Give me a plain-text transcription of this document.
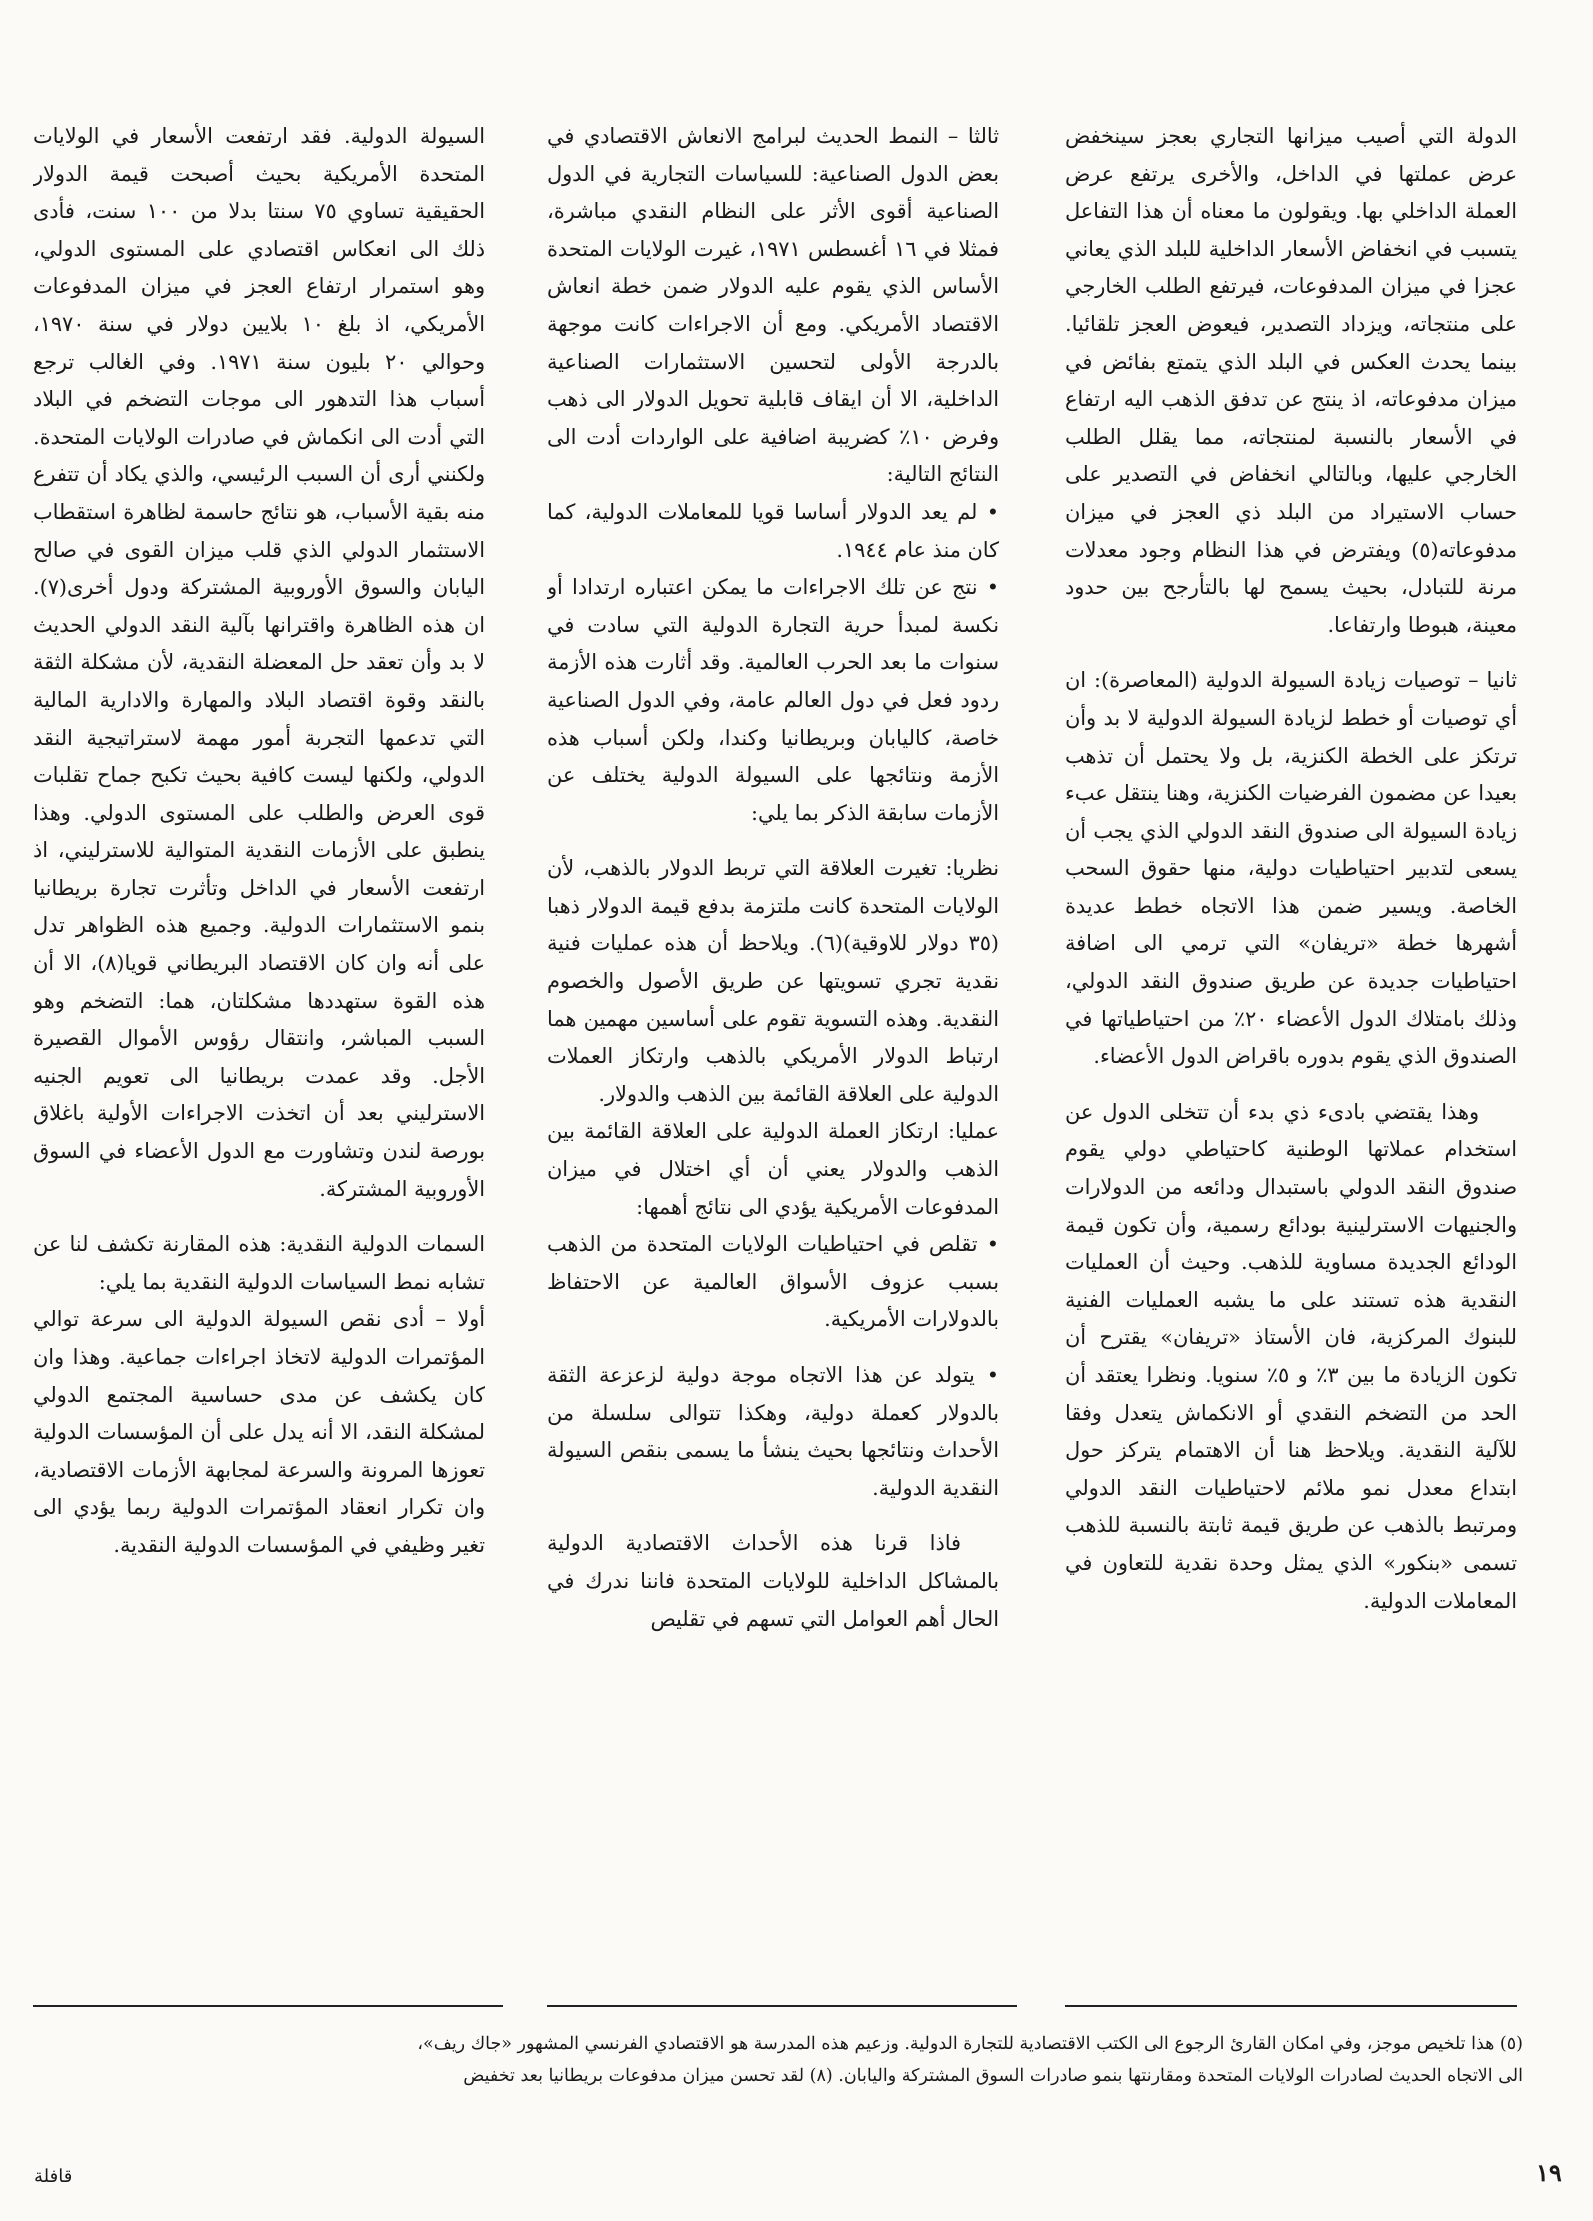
الدولة التي أصيب ميزانها التجاري بعجز سينخفض عرض عملتها في الداخل، والأخرى يرتفع عرض العملة الداخلي بها. ويقولون ما معناه أن هذا التفاعل يتسبب في انخفاض الأسعار الداخلية للبلد الذي يعاني عجزا في ميزان المدفوعات، فيرتفع الطلب الخارجي على منتجاته، ويزداد التصدير، فيعوض العجز تلقائيا. بينما يحدث العكس في البلد الذي يتمتع بفائض في ميزان مدفوعاته، اذ ينتج عن تدفق الذهب اليه ارتفاع في الأسعار بالنسبة لمنتجاته، مما يقلل الطلب الخارجي عليها، وبالتالي انخفاض في التصدير على حساب الاستيراد من البلد ذي العجز في ميزان مدفوعاته(٥) ويفترض في هذا النظام وجود معدلات مرنة للتبادل، بحيث يسمح لها بالتأرجح بين حدود معينة، هبوطا وارتفاعا.

ثانيا – توصيات زيادة السيولة الدولية (المعاصرة): ان أي توصيات أو خطط لزيادة السيولة الدولية لا بد وأن ترتكز على الخطة الكنزية، بل ولا يحتمل أن تذهب بعيدا عن مضمون الفرضيات الكنزية، وهنا ينتقل عبء زيادة السيولة الى صندوق النقد الدولي الذي يجب أن يسعى لتدبير احتياطيات دولية، منها حقوق السحب الخاصة. ويسير ضمن هذا الاتجاه خطط عديدة أشهرها خطة «تريفان» التي ترمي الى اضافة احتياطيات جديدة عن طريق صندوق النقد الدولي، وذلك بامتلاك الدول الأعضاء ٢٠٪ من احتياطياتها في الصندوق الذي يقوم بدوره باقراض الدول الأعضاء.

وهذا يقتضي بادىء ذي بدء أن تتخلى الدول عن استخدام عملاتها الوطنية كاحتياطي دولي يقوم صندوق النقد الدولي باستبدال ودائعه من الدولارات والجنيهات الاسترلينية بودائع رسمية، وأن تكون قيمة الودائع الجديدة مساوية للذهب. وحيث أن العمليات النقدية هذه تستند على ما يشبه العمليات الفنية للبنوك المركزية، فان الأستاذ «تريفان» يقترح أن تكون الزيادة ما بين ٣٪ و ٥٪ سنويا. ونظرا يعتقد أن الحد من التضخم النقدي أو الانكماش يتعدل وفقا للآلية النقدية. ويلاحظ هنا أن الاهتمام يتركز حول ابتداع معدل نمو ملائم لاحتياطيات النقد الدولي ومرتبط بالذهب عن طريق قيمة ثابتة بالنسبة للذهب تسمى «بنكور» الذي يمثل وحدة نقدية للتعاون في المعاملات الدولية.

ثالثا – النمط الحديث لبرامج الانعاش الاقتصادي في بعض الدول الصناعية: للسياسات التجارية في الدول الصناعية أقوى الأثر على النظام النقدي مباشرة، فمثلا في ١٦ أغسطس ١٩٧١، غيرت الولايات المتحدة الأساس الذي يقوم عليه الدولار ضمن خطة انعاش الاقتصاد الأمريكي. ومع أن الاجراءات كانت موجهة بالدرجة الأولى لتحسين الاستثمارات الصناعية الداخلية، الا أن ايقاف قابلية تحويل الدولار الى ذهب وفرض ١٠٪ كضريبة اضافية على الواردات أدت الى النتائج التالية:

• لم يعد الدولار أساسا قويا للمعاملات الدولية، كما كان منذ عام ١٩٤٤.

• نتج عن تلك الاجراءات ما يمكن اعتباره ارتدادا أو نكسة لمبدأ حرية التجارة الدولية التي سادت في سنوات ما بعد الحرب العالمية. وقد أثارت هذه الأزمة ردود فعل في دول العالم عامة، وفي الدول الصناعية خاصة، كاليابان وبريطانيا وكندا، ولكن أسباب هذه الأزمة ونتائجها على السيولة الدولية يختلف عن الأزمات سابقة الذكر بما يلي:

نظريا: تغيرت العلاقة التي تربط الدولار بالذهب، لأن الولايات المتحدة كانت ملتزمة بدفع قيمة الدولار ذهبا (٣٥ دولار للاوقية)(٦). ويلاحظ أن هذه عمليات فنية نقدية تجري تسويتها عن طريق الأصول والخصوم النقدية. وهذه التسوية تقوم على أساسين مهمين هما ارتباط الدولار الأمريكي بالذهب وارتكاز العملات الدولية على العلاقة القائمة بين الذهب والدولار.

عمليا: ارتكاز العملة الدولية على العلاقة القائمة بين الذهب والدولار يعني أن أي اختلال في ميزان المدفوعات الأمريكية يؤدي الى نتائج أهمها:

• تقلص في احتياطيات الولايات المتحدة من الذهب بسبب عزوف الأسواق العالمية عن الاحتفاظ بالدولارات الأمريكية.

• يتولد عن هذا الاتجاه موجة دولية لزعزعة الثقة بالدولار كعملة دولية، وهكذا تتوالى سلسلة من الأحداث ونتائجها بحيث ينشأ ما يسمى بنقص السيولة النقدية الدولية.

فاذا قرنا هذه الأحداث الاقتصادية الدولية بالمشاكل الداخلية للولايات المتحدة فاننا ندرك في الحال أهم العوامل التي تسهم في تقليص

السيولة الدولية. فقد ارتفعت الأسعار في الولايات المتحدة الأمريكية بحيث أصبحت قيمة الدولار الحقيقية تساوي ٧٥ سنتا بدلا من ١٠٠ سنت، فأدى ذلك الى انعكاس اقتصادي على المستوى الدولي، وهو استمرار ارتفاع العجز في ميزان المدفوعات الأمريكي، اذ بلغ ١٠ بلايين دولار في سنة ١٩٧٠، وحوالي ٢٠ بليون سنة ١٩٧١. وفي الغالب ترجع أسباب هذا التدهور الى موجات التضخم في البلاد التي أدت الى انكماش في صادرات الولايات المتحدة. ولكنني أرى أن السبب الرئيسي، والذي يكاد أن تتفرع منه بقية الأسباب، هو نتائج حاسمة لظاهرة استقطاب الاستثمار الدولي الذي قلب ميزان القوى في صالح اليابان والسوق الأوروبية المشتركة ودول أخرى(٧). ان هذه الظاهرة واقترانها بآلية النقد الدولي الحديث لا بد وأن تعقد حل المعضلة النقدية، لأن مشكلة الثقة بالنقد وقوة اقتصاد البلاد والمهارة والادارية المالية التي تدعمها التجربة أمور مهمة لاستراتيجية النقد الدولي، ولكنها ليست كافية بحيث تكبح جماح تقلبات قوى العرض والطلب على المستوى الدولي. وهذا ينطبق على الأزمات النقدية المتوالية للاسترليني، اذ ارتفعت الأسعار في الداخل وتأثرت تجارة بريطانيا بنمو الاستثمارات الدولية. وجميع هذه الظواهر تدل على أنه وان كان الاقتصاد البريطاني قويا(٨)، الا أن هذه القوة ستهددها مشكلتان، هما: التضخم وهو السبب المباشر، وانتقال رؤوس الأموال القصيرة الأجل. وقد عمدت بريطانيا الى تعويم الجنيه الاسترليني بعد أن اتخذت الاجراءات الأولية باغلاق بورصة لندن وتشاورت مع الدول الأعضاء في السوق الأوروبية المشتركة.

السمات الدولية النقدية: هذه المقارنة تكشف لنا عن تشابه نمط السياسات الدولية النقدية بما يلي:

أولا – أدى نقص السيولة الدولية الى سرعة توالي المؤتمرات الدولية لاتخاذ اجراءات جماعية. وهذا وان كان يكشف عن مدى حساسية المجتمع الدولي لمشكلة النقد، الا أنه يدل على أن المؤسسات الدولية تعوزها المرونة والسرعة لمجابهة الأزمات الاقتصادية، وان تكرار انعقاد المؤتمرات الدولية ربما يؤدي الى تغير وظيفي في المؤسسات الدولية النقدية.

(٥) هذا تلخيص موجز، وفي امكان القارئ الرجوع الى الكتب الاقتصادية للتجارة الدولية. وزعيم هذه المدرسة هو الاقتصادي الفرنسي المشهور «جاك ريف»،
الى الاتجاه الحديث لصادرات الولايات المتحدة ومقارنتها بنمو صادرات السوق المشتركة واليابان. (٨) لقد تحسن ميزان مدفوعات بريطانيا بعد تخفيض
١٩
قافلة
